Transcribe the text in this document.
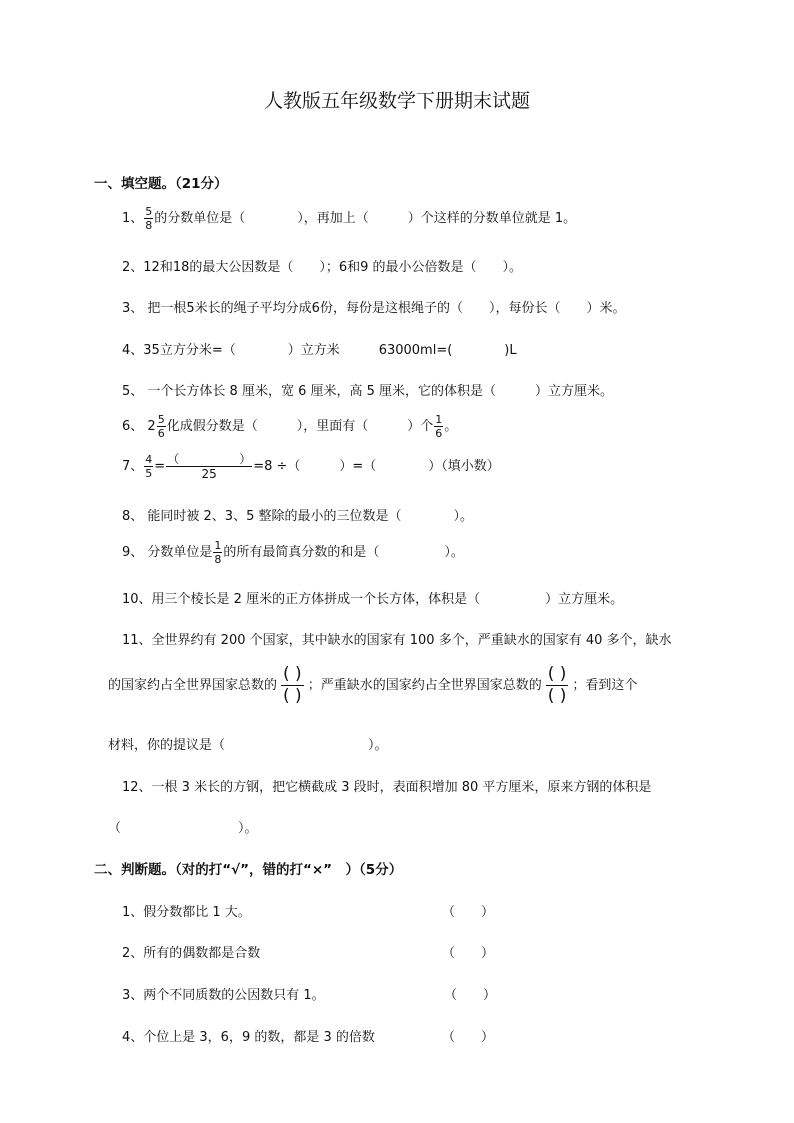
人教版五年级数学下册期末试题
一、填空题。（21分）
1、 $\frac{5}{8}$ 的分数单位是（　　　　），再加上（　　　）个这样的分数单位就是 1。
2、12和18的最大公因数是（　　）；6和9 的最小公倍数是（　　）。
3、 把一根5米长的绳子平均分成6份，每份是这根绳子的（　　），每份长（　　）米。
4、35立方分米=（　　　　）立方米　　　63000ml=(　　　　)L
5、 一个长方体长 8 厘米，宽 6 厘米，高 5 厘米，它的体积是（　　　）立方厘米。
6、 $2 \frac{5}{6}$ 化成假分数是（　　　），里面有（　　　）个 $\frac{1}{6}$ 。
7、 $\frac{4}{5} = \frac{( )}{25} =8$ ÷（　　　）=（　　　　）（填小数）
8、 能同时被 2、3、5 整除的最小的三位数是（　　　　）。
9、 分数单位是 $\frac{1}{8}$ 的所有最简真分数的和是（　　　　　）。
10、用三个棱长是 2 厘米的正方体拼成一个长方体，体积是（　　　　　）立方厘米。
11、全世界约有 200 个国家，其中缺水的国家有 100 多个，严重缺水的国家有 40 多个，缺水
的国家约占全世界国家总数的
( )
( )
；严重缺水的国家约占全世界国家总数的
( )
( )
；看到这个
材料，你的提议是（　　　　　　　　　　　）。
12、一根 3 米长的方钢，把它横截成 3 段时，表面积增加 80 平方厘米，原来方钢的体积是
（　　　　　　　　　）。
二、判断题。（对的打“√”，错的打“×”　）（5分）
1、假分数都比 1 大。	（　　）
2、所有的偶数都是合数	（　　）
3、两个不同质数的公因数只有 1。	（　　）
4、个位上是 3，6，9 的数，都是 3 的倍数	（　　）
